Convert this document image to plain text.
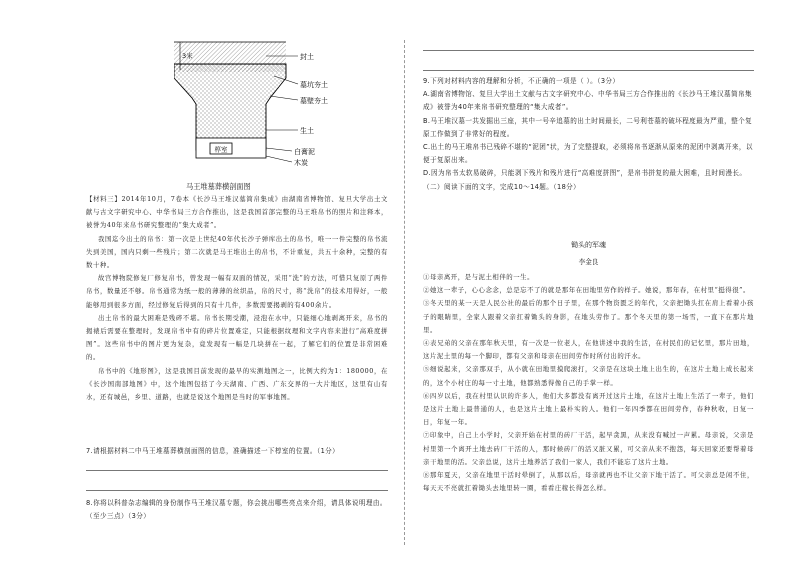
椁室
3米	封土
墓坑夯土
墓壁夯土
生土
白膏泥
木炭
马王堆墓葬横剖面图

【材料三】2014年10月，7卷本《长沙马王堆汉墓简帛集成》由湖南省博物馆、复旦大学出土文献与古文字研究中心、中华书局三方合作推出，这是我国首部完整的马王堆帛书的照片和注释本，被誉为40年来帛书研究整理的“集大成者”。

我国迄今出土的帛书：第一次是上世纪40年代长沙子弹库出土的帛书，唯一一件完整的帛书流失到美国，国内只剩一些残片；第二次就是马王堆出土的帛书，不计重复，共五十余种，完整的有数十种。

故宫博物院修复厂修复帛书，曾发现一幅有双面的情况，采用“洗”的方法，可惜只复原了两件帛书，数量还不够。帛书通常为纸一般的薄薄的丝织品，帛的尺寸，将“洗帛”的技术用得好，一般能够用到很多方面，经过修复后得到的只有十几件，多数需要揭剥的有400余片。

出土帛书的最大困难是残碎不堪。帛书长期受潮，浸泡在水中，只能细心地剥离开来，帛书的揭裱后需要在整理时，发现帛书中有的碎片位置难定，只能根据纹理和文字内容来进行“高难度拼图”。这些帛书中的图片更为复杂，竟发现有一幅是几块拼在一起，了解它们的位置是非常困难的。

帛书中的《地形图》，这是我国目前发现的最早的实测地图之一，比例大约为1：180000，在《长沙国南部地图》中，这个地图包括了今天湖南、广西、广东交界的一大片地区，这里有山有水，还有城邑，乡里、道路，也就是说这个地图是当时的军事地图。

7.请根据材料二中马王堆墓葬横剖面图的信息，准确描述一下椁室的位置。（1分）
8.你将以科普杂志编辑的身份制作马王堆汉墓专题，你会挑出哪些亮点来介绍，请具体说明理由。（至少三点）（3分）

9.下列对材料内容的理解和分析，不正确的一项是（ ）。（3分）

A.湖南省博物馆、复旦大学出土文献与古文字研究中心、中华书局三方合作推出的《长沙马王堆汉墓简帛集成》被誉为40年来帛书研究整理的“集大成者”。

B.马王堆汉墓一共发掘出三座，其中一号辛追墓的出土时间最长，二号利苍墓的破坏程度最为严重，整个复原工作做到了非常好的程度。

C.出土的马王堆帛书已残碎不堪的“泥团”状，为了完整提取，必须将帛书逐渐从原来的泥团中剥离开来，以便于复原出来。

D.因为帛书太软易破碎，只能剥下残片和残片进行“高难度拼图”，是帛书拼复的最大困难，且时间漫长。

（二）阅读下面的文字，完成10～14题。（18分）

锄头的军魂
李金良

①母亲离开，是与泥土相伴的一生。

②她这一辈子，心心念念，总是忘不了的就是那年在田地里劳作的样子。她说，那年春，在村里“挺得很”。

③冬天里的某一天是人民公社的最后的那个日子里，在那个物资匮乏的年代，父亲把锄头扛在肩上看着小孩子的眼睛里，全家人跟着父亲扛着锄头的身影，在地头劳作了。那个冬天里的第一场雪，一直下在那片地里。

④表兄弟的父亲在那年秋天里，有一次是一位老人，在他讲述中我的生活，在村民们的记忆里，那片田地，这片泥土里的每一个脚印，都有父亲和母亲在田间劳作时所付出的汗水。

⑤细说起来，父亲那双手，从小就在田地里摸爬滚打，父亲是在这块土地上出生的，在这片土地上成长起来的，这个小村庄的每一寸土地，他都熟悉得像自己的手掌一样。

⑥四岁以后，我在村里认识的许多人，他们大多都没有离开过这片土地，在这片土地上生活了一辈子，他们是这片土地上最普通的人，也是这片土地上最朴实的人。他们一年四季都在田间劳作，春种秋收，日复一日，年复一年。

⑦印象中，自己上小学时，父亲开始在村里的砖厂干活，起早贪黑，从来没有喊过一声累。母亲说，父亲是村里第一个离开土地去砖厂干活的人，那时候砖厂的活又脏又累，可父亲从来不抱怨，每天回家还要帮着母亲干地里的活。父亲总说，这片土地养活了我们一家人，我们不能忘了这片土地。

⑧那年夏天，父亲在地里干活时晕倒了，从那以后，母亲就再也不让父亲下地干活了。可父亲总是闲不住，每天天不亮就扛着锄头去地里转一圈，看看庄稼长得怎么样。
